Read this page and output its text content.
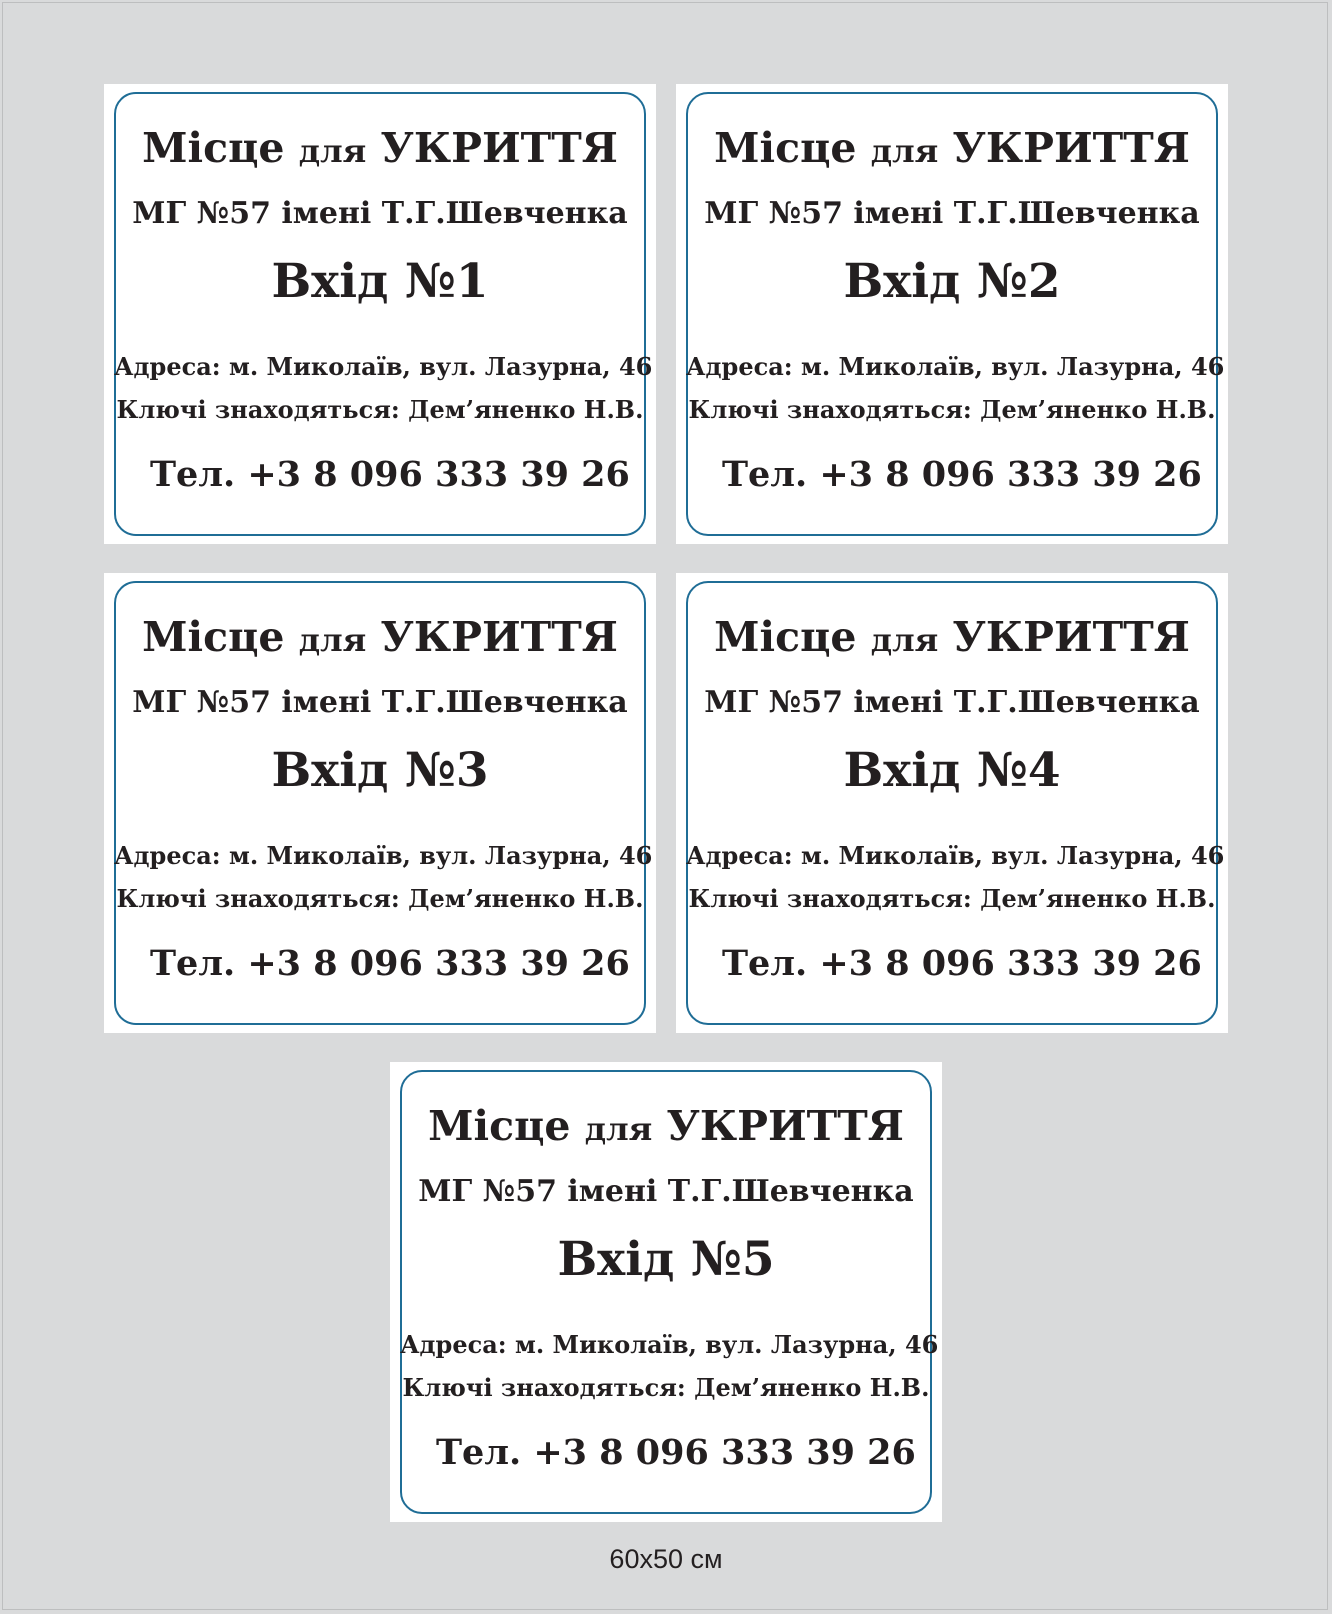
Місце для УКРИТТЯ
МГ №57 імені Т.Г.Шевченка
Вхід №1
Адреса: м. Миколаїв, вул. Лазурна, 46
Ключі знаходяться: Дем’яненко Н.В.
Тел. +3 8 096 333 39 26
Місце для УКРИТТЯ
МГ №57 імені Т.Г.Шевченка
Вхід №2
Адреса: м. Миколаїв, вул. Лазурна, 46
Ключі знаходяться: Дем’яненко Н.В.
Тел. +3 8 096 333 39 26
Місце для УКРИТТЯ
МГ №57 імені Т.Г.Шевченка
Вхід №3
Адреса: м. Миколаїв, вул. Лазурна, 46
Ключі знаходяться: Дем’яненко Н.В.
Тел. +3 8 096 333 39 26
Місце для УКРИТТЯ
МГ №57 імені Т.Г.Шевченка
Вхід №4
Адреса: м. Миколаїв, вул. Лазурна, 46
Ключі знаходяться: Дем’яненко Н.В.
Тел. +3 8 096 333 39 26
Місце для УКРИТТЯ
МГ №57 імені Т.Г.Шевченка
Вхід №5
Адреса: м. Миколаїв, вул. Лазурна, 46
Ключі знаходяться: Дем’яненко Н.В.
Тел. +3 8 096 333 39 26
60x50 см
